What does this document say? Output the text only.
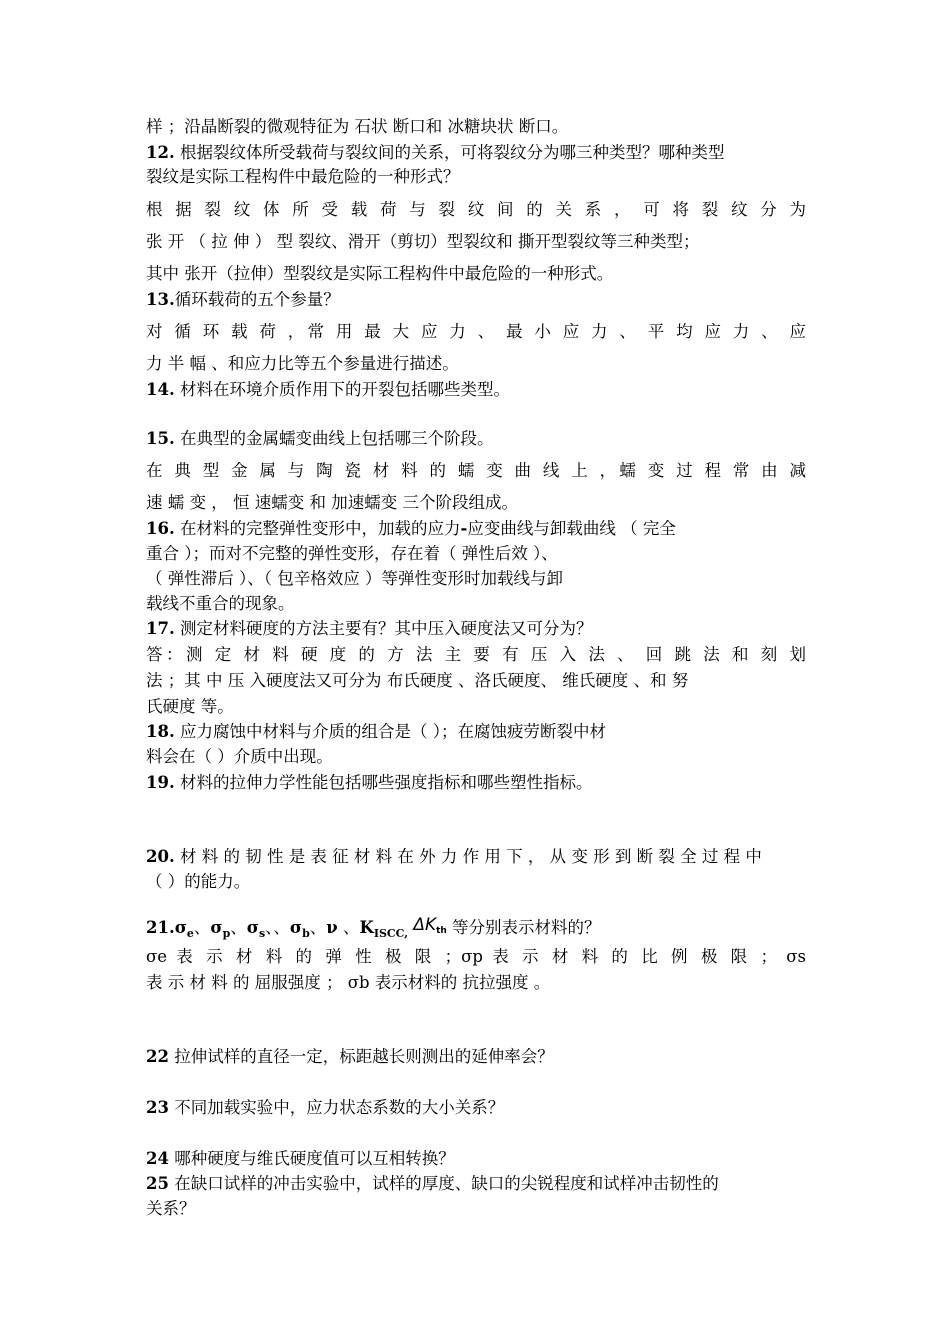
样 ；沿晶断裂的微观特征为 石状 断口和 冰糖块状 断口。
12. 根据裂纹体所受载荷与裂纹间的关系，可将裂纹分为哪三种类型？哪种类型
裂纹是实际工程构件中最危险的一种形式？
根 据 裂 纹 体 所 受 载 荷 与 裂 纹 间 的 关 系 ， 可 将 裂 纹 分 为
张 开 （ 拉 伸 ） 型 裂纹、滑开（剪切）型裂纹和 撕开型裂纹等三种类型；
其中 张开（拉伸）型裂纹是实际工程构件中最危险的一种形式。
13.循环载荷的五个参量？
对 循 环 载 荷 ，常 用 最 大 应 力 、 最 小 应 力 、 平 均 应 力 、 应
力 半 幅 、和应力比等五个参量进行描述。
14. 材料在环境介质作用下的开裂包括哪些类型。
15. 在典型的金属蠕变曲线上包括哪三个阶段。
在 典 型 金 属 与 陶 瓷 材 料 的 蠕 变 曲 线 上 ，蠕 变 过 程 常 由 减
速 蠕 变 ， 恒 速蠕变 和 加速蠕变 三个阶段组成。
16. 在材料的完整弹性变形中，加载的应力-应变曲线与卸载曲线 （ 完全
重合 ）；而对不完整的弹性变形，存在着（ 弹性后效 ）、
（ 弹性滞后 ）、（ 包辛格效应 ）等弹性变形时加载线与卸
载线不重合的现象。
17. 测定材料硬度的方法主要有？其中压入硬度法又可分为？
答：测 定 材 料 硬 度 的 方 法 主 要 有 压 入 法 、 回 跳 法 和 刻 划
法 ；其 中 压 入硬度法又可分为 布氏硬度 、洛氏硬度、 维氏硬度 、和 努
氏硬度 等。
18. 应力腐蚀中材料与介质的组合是（ ）；在腐蚀疲劳断裂中材
料会在（ ）介质中出现。
19. 材料的拉伸力学性能包括哪些强度指标和哪些塑性指标。
20. 材 料 的 韧 性 是 表 征 材 料 在 外 力 作 用 下 ， 从 变 形 到 断 裂 全 过 程 中
（ ）的能力。
$21.\sigma_e$、$\sigma_p$、$\sigma_s$、、$\sigma_b$、ν 、$K_{ISCC,}$ ΔKth 等分别表示材料的？
σe 表 示 材 料 的 弹 性 极 限 ；σp 表 示 材 料 的 比 例 极 限 ； σs
表 示 材 料 的 屈服强度 ； σb 表示材料的 抗拉强度 。
22 拉伸试样的直径一定，标距越长则测出的延伸率会？
23 不同加载实验中，应力状态系数的大小关系？
24 哪种硬度与维氏硬度值可以互相转换？
25 在缺口试样的冲击实验中，试样的厚度、缺口的尖锐程度和试样冲击韧性的
关系？
